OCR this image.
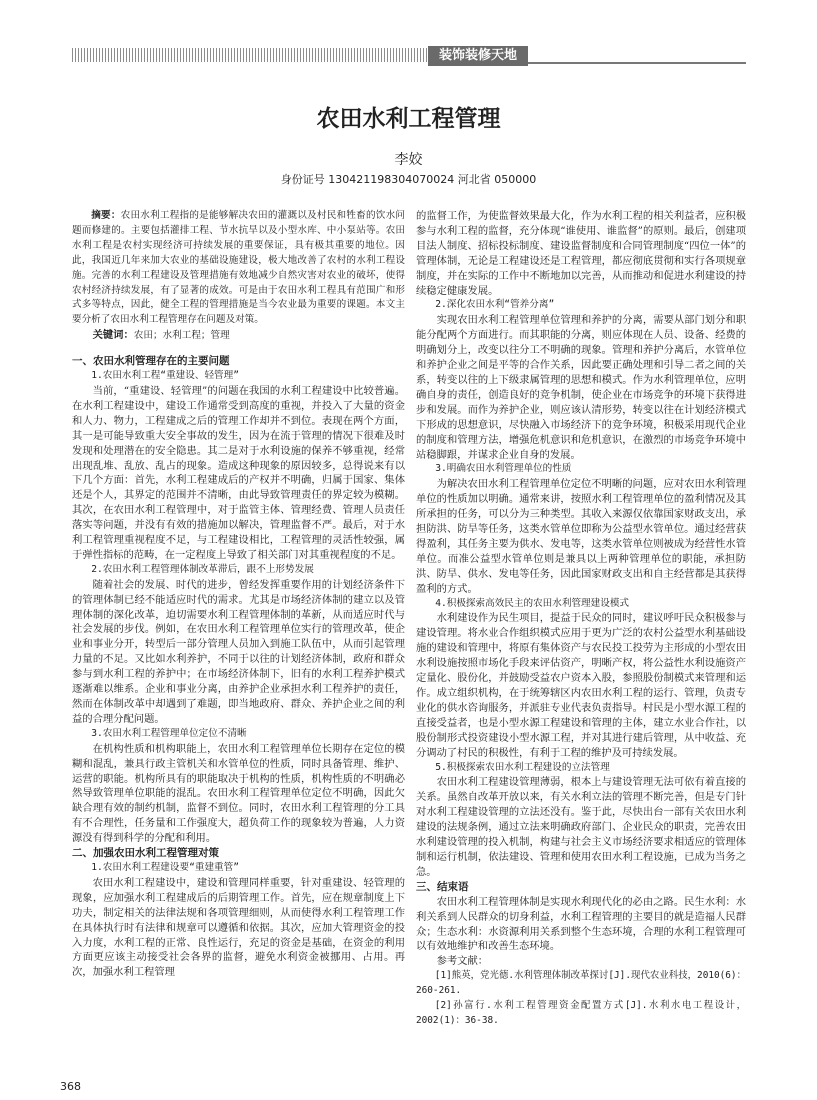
装饰装修天地
农田水利工程管理
李姣
身份证号 130421198304070024 河北省 050000

摘要：农田水利工程指的是能够解决农田的灌溉以及村民和牲畜的饮水问题而修建的。主要包括灌排工程、节水抗旱以及小型水库、中小泵站等。农田水利工程是农村实现经济可持续发展的重要保证，具有极其重要的地位。因此，我国近几年来加大农业的基础设施建设，极大地改善了农村的水利工程设施。完善的水利工程建设及管理措施有效地减少自然灾害对农业的破坏，使得农村经济持续发展，有了显著的成效。可是由于农田水利工程具有范围广和形式多等特点，因此，健全工程的管理措施是当今农业最为重要的课题。本文主要分析了农田水利工程管理存在问题及对策。

关键词：农田；水利工程；管理

一、农田水利管理存在的主要问题

1.农田水利工程“重建设、轻管理”

当前，“重建设、轻管理”的问题在我国的水利工程建设中比较普遍。在水利工程建设中，建设工作通常受到高度的重视，并投入了大量的资金和人力、物力，工程建成之后的管理工作却并不到位。表现在两个方面，其一是可能导致重大安全事故的发生，因为在流于管理的情况下很难及时发现和处理潜在的安全隐患。其二是对于水利设施的保养不够重视，经常出现乱堆、乱放、乱占的现象。造成这种现象的原因较多，总得说来有以下几个方面：首先，水利工程建成后的产权并不明确，归属于国家、集体还是个人，其界定的范围并不清晰，由此导致管理责任的界定较为模糊。其次，在农田水利工程管理中，对于监管主体、管理经费、管理人员责任落实等问题，并没有有效的措施加以解决，管理监督不严。最后，对于水利工程管理重视程度不足，与工程建设相比，工程管理的灵活性较强，属于弹性指标的范畴，在一定程度上导致了相关部门对其重视程度的不足。

2.农田水利工程管理体制改革滞后，跟不上形势发展

随着社会的发展、时代的进步，曾经发挥重要作用的计划经济条件下的管理体制已经不能适应时代的需求。尤其是市场经济体制的建立以及管理体制的深化改革，迫切需要水利工程管理体制的革新，从而适应时代与社会发展的步伐。例如，在农田水利工程管理单位实行的管理改革，使企业和事业分开，转型后一部分管理人员加入到施工队伍中，从而引起管理力量的不足。又比如水利养护，不同于以往的计划经济体制，政府和群众参与到水利工程的养护中；在市场经济体制下，旧有的水利工程养护模式逐渐难以维系。企业和事业分离，由养护企业承担水利工程养护的责任，然而在体制改革中却遇到了难题，即当地政府、群众、养护企业之间的利益的合理分配问题。

3.农田水利工程管理单位定位不清晰

在机构性质和机构职能上，农田水利工程管理单位长期存在定位的模糊和混乱，兼具行政主管机关和水管单位的性质，同时具备管理、维护、运营的职能。机构所具有的职能取决于机构的性质，机构性质的不明确必然导致管理单位职能的混乱。农田水利工程管理单位定位不明确，因此欠缺合理有效的制约机制，监督不到位。同时，农田水利工程管理的分工具有不合理性，任务量和工作强度大，超负荷工作的现象较为普遍，人力资源没有得到科学的分配和利用。

二、加强农田水利工程管理对策

1.农田水利工程建设要“重建重管”

农田水利工程建设中，建设和管理同样重要，针对重建设、轻管理的现象，应加强水利工程建成后的后期管理工作。首先，应在规章制度上下功夫，制定相关的法律法规和各项管理细则，从而使得水利工程管理工作在具体执行时有法律和规章可以遵循和依据。其次，应加大管理资金的投入力度，水利工程的正常、良性运行，充足的资金是基础，在资金的利用方面更应该主动接受社会各界的监督，避免水利资金被挪用、占用。再次，加强水利工程管理

的监督工作，为使监督效果最大化，作为水利工程的相关利益者，应积极参与水利工程的监督，充分体现“谁使用、谁监督”的原则。最后，创建项目法人制度、招标投标制度、建设监督制度和合同管理制度“四位一体”的管理体制，无论是工程建设还是工程管理，都应彻底贯彻和实行各项规章制度，并在实际的工作中不断地加以完善，从而推动和促进水利建设的持续稳定健康发展。

2.深化农田水利“管养分离”

实现农田水利工程管理单位管理和养护的分离，需要从部门划分和职能分配两个方面进行。而其职能的分离，则应体现在人员、设备、经费的明确划分上，改变以往分工不明确的现象。管理和养护分离后，水管单位和养护企业之间是平等的合作关系，因此要正确处理和引导二者之间的关系，转变以往的上下级隶属管理的思想和模式。作为水利管理单位，应明确自身的责任，创造良好的竞争机制，使企业在市场竞争的环境下获得进步和发展。而作为养护企业，则应该认清形势，转变以往在计划经济模式下形成的思想意识，尽快融入市场经济下的竞争环境，积极采用现代企业的制度和管理方法，增强危机意识和危机意识，在激烈的市场竞争环境中站稳脚跟，并谋求企业自身的发展。

3.明确农田水利管理单位的性质

为解决农田水利工程管理单位定位不明晰的问题，应对农田水利管理单位的性质加以明确。通常来讲，按照水利工程管理单位的盈利情况及其所承担的任务，可以分为三种类型。其收入来源仅依靠国家财政支出，承担防洪、防旱等任务，这类水管单位即称为公益型水管单位。通过经营获得盈利，其任务主要为供水、发电等，这类水管单位则被成为经营性水管单位。而准公益型水管单位则是兼具以上两种管理单位的职能，承担防洪、防旱、供水、发电等任务，因此国家财政支出和自主经营都是其获得盈利的方式。

4.积极探索高效民主的农田水利管理建设模式

水利建设作为民生项目，提益于民众的同时，建议呼吁民众积极参与建设管理。将水业合作组织模式应用于更为广泛的农村公益型水利基础设施的建设和管理中，将原有集体资产与农民投工投劳为主形成的小型农田水利设施按照市场化手段来评估资产，明晰产权，将公益性水利设施资产定量化、股份化，并鼓励受益农户资本入股，参照股份制模式来管理和运作。成立组织机构，在于统筹辖区内农田水利工程的运行、管理，负责专业化的供水咨询服务，并派驻专业代表负责指导。村民是小型水源工程的直接受益者，也是小型水源工程建设和管理的主体，建立水业合作社，以股份制形式投资建设小型水源工程，并对其进行建后管理，从中收益、充分调动了村民的积极性，有利于工程的维护及可持续发展。

5.积极探索农田水利工程建设的立法管理

农田水利工程建设管理薄弱，根本上与建设管理无法可依有着直接的关系。虽然自改革开放以来，有关水利立法的管理不断完善，但是专门针对水利工程建设管理的立法还没有。鉴于此，尽快出台一部有关农田水利建设的法规条例，通过立法来明确政府部门、企业民众的职责，完善农田水利建设管理的投入机制，构建与社会主义市场经济要求相适应的管理体制和运行机制，依法建设、管理和使用农田水利工程设施，已成为当务之急。

三、结束语

农田水利工程管理体制是实现水利现代化的必由之路。民生水利：水利关系到人民群众的切身利益，水利工程管理的主要目的就是造福人民群众；生态水利：水资源利用关系到整个生态环境，合理的水利工程管理可以有效地维护和改善生态环境。

参考文献：

[1]熊英，党光德.水利管理体制改革探讨[J].现代农业科技，2010(6)：260-261.

[2]孙富行.水利工程管理资金配置方式[J].水利水电工程设计，2002(1)：36-38.

368
